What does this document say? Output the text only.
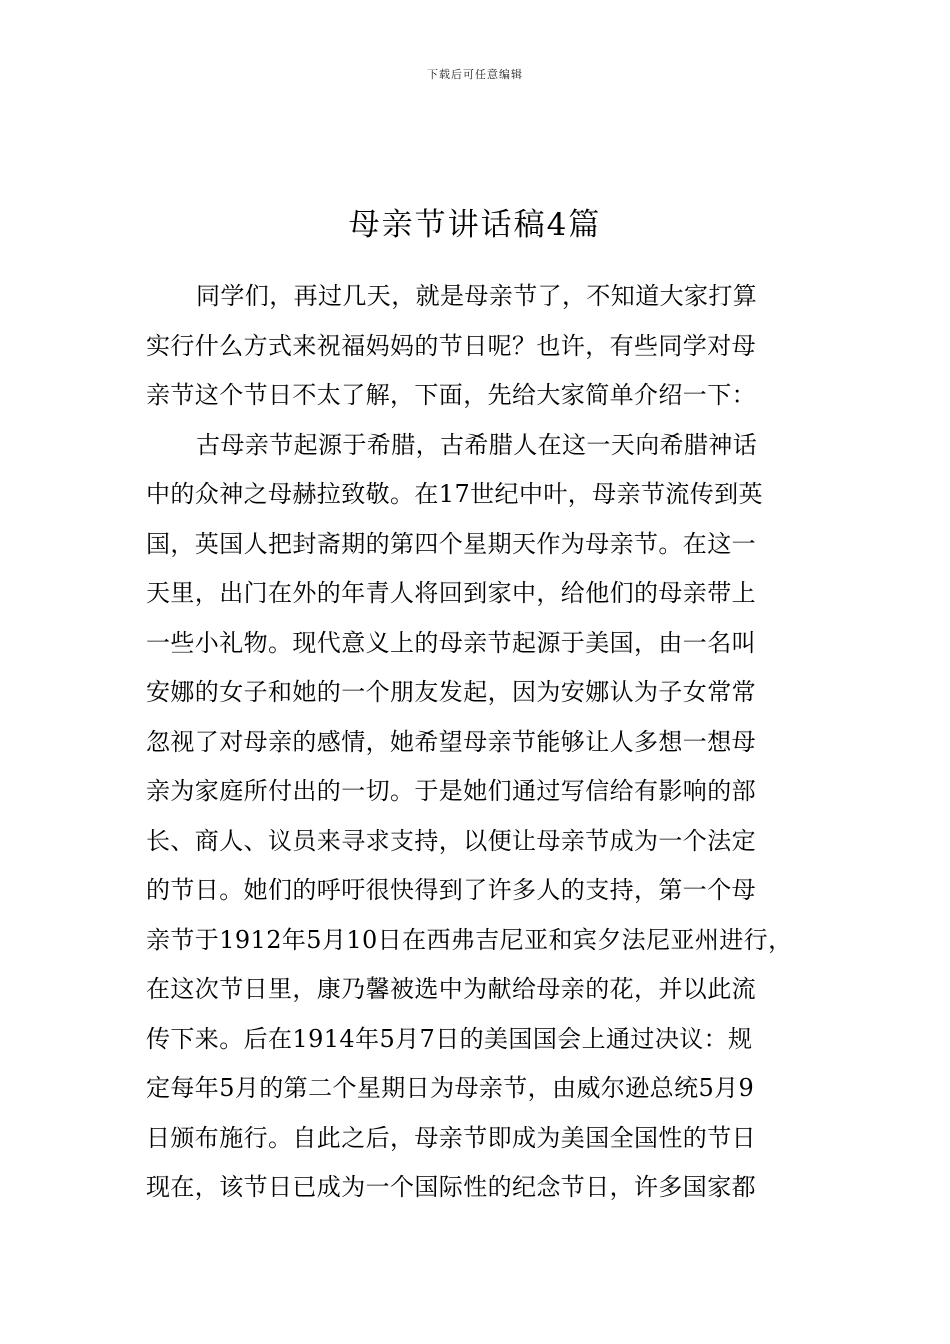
下载后可任意编辑
母亲节讲话稿4篇
同学们，再过几天，就是母亲节了，不知道大家打算
实行什么方式来祝福妈妈的节日呢？也许，有些同学对母
亲节这个节日不太了解，下面，先给大家简单介绍一下：
古母亲节起源于希腊，古希腊人在这一天向希腊神话
中的众神之母赫拉致敬。在17世纪中叶，母亲节流传到英
国，英国人把封斋期的第四个星期天作为母亲节。在这一
天里，出门在外的年青人将回到家中，给他们的母亲带上
一些小礼物。现代意义上的母亲节起源于美国，由一名叫
安娜的女子和她的一个朋友发起，因为安娜认为子女常常
忽视了对母亲的感情，她希望母亲节能够让人多想一想母
亲为家庭所付出的一切。于是她们通过写信给有影响的部
长、商人、议员来寻求支持，以便让母亲节成为一个法定
的节日。她们的呼吁很快得到了许多人的支持，第一个母
亲节于1912年5月10日在西弗吉尼亚和宾夕法尼亚州进行，
在这次节日里，康乃馨被选中为献给母亲的花，并以此流
传下来。后在1914年5月7日的美国国会上通过决议：规
定每年5月的第二个星期日为母亲节，由威尔逊总统5月9
日颁布施行。自此之后，母亲节即成为美国全国性的节日
现在，该节日已成为一个国际性的纪念节日，许多国家都
